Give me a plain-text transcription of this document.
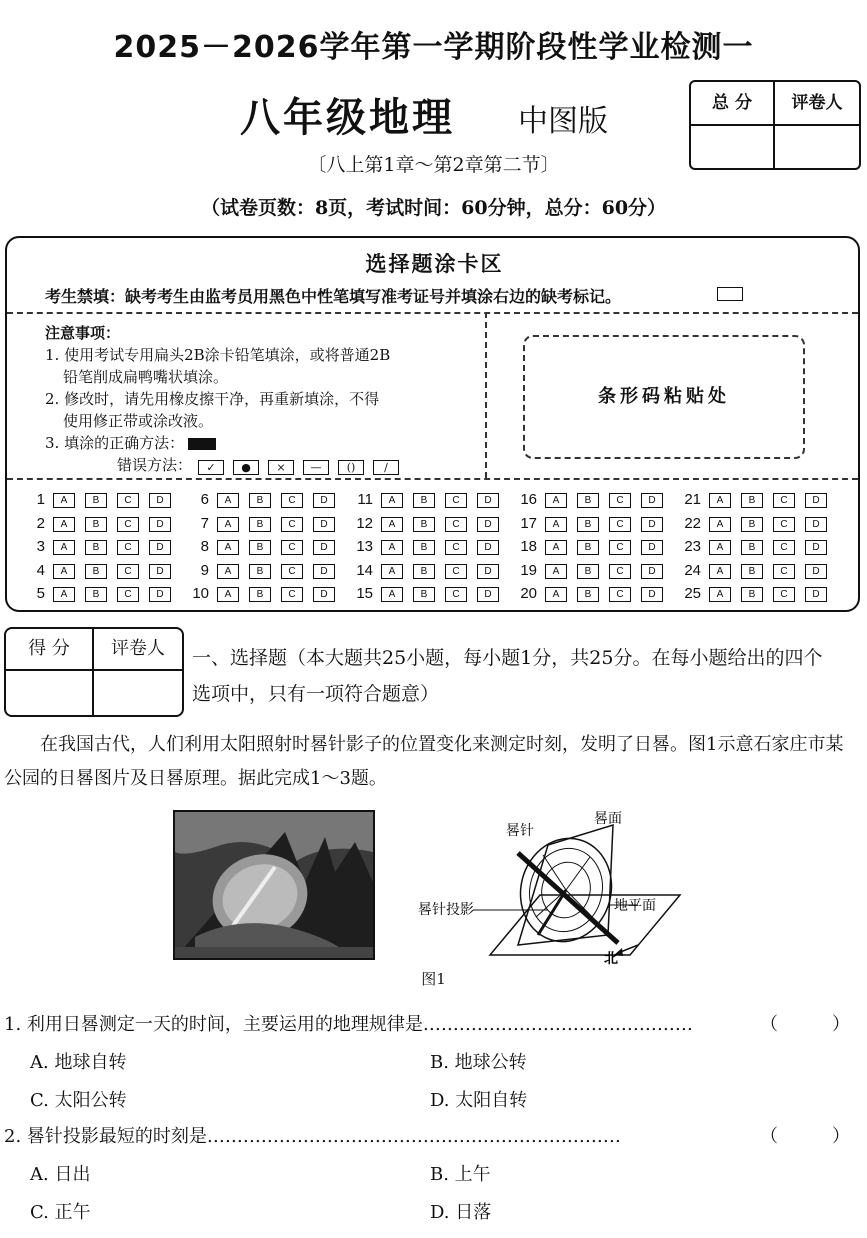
2025－2026学年第一学期阶段性学业检测一
八年级地理 中图版
〔八上第1章～第2章第二节〕
（试卷页数：8页，考试时间：60分钟，总分：60分）
总 分	评卷人
选择题涂卡区
考生禁填：缺考考生由监考员用黑色中性笔填写准考证号并填涂右边的缺考标记。

注意事项：

1. 使用考试专用扁头2B涂卡铅笔填涂，或将普通2B

铅笔削成扁鸭嘴状填涂。

2. 修改时，请先用橡皮擦干净，再重新填涂，不得

使用修正带或涂改液。

3. 填涂的正确方法：

错误方法： ✓ ● × — ()	/

条形码粘贴处
1	A	B	C	D
2	A	B	C	D
3	A	B	C	D
4	A	B	C	D
5	A	B	C	D
6	A	B	C	D
7	A	B	C	D
8	A	B	C	D
9	A	B	C	D
10	A	B	C	D
11	A	B	C	D
12	A	B	C	D
13	A	B	C	D
14	A	B	C	D
15	A	B	C	D
16	A	B	C	D
17	A	B	C	D
18	A	B	C	D
19	A	B	C	D
20	A	B	C	D
21	A	B	C	D
22	A	B	C	D
23	A	B	C	D
24	A	B	C	D
25	A	B	C	D
得 分	评卷人	一、选择题（本大题共25小题，每小题1分，共25分。在每小题给出的四个
选项中，只有一项符合题意）
在我国古代，人们利用太阳照射时晷针影子的位置变化来测定时刻，发明了日晷。图1示意石家庄市某公园的日晷图片及日晷原理。据此完成1～3题。
晷针
晷面
晷针投影	地平面
北
图1
1. 利用日晷测定一天的时间，主要运用的地理规律是………………………………………	（　　　）
A. 地球自转	B. 地球公转
C. 太阳公转	D. 太阳自转
2. 晷针投影最短的时刻是……………………………………………………………	（　　　）
A. 日出	B. 上午
C. 正午	D. 日落
